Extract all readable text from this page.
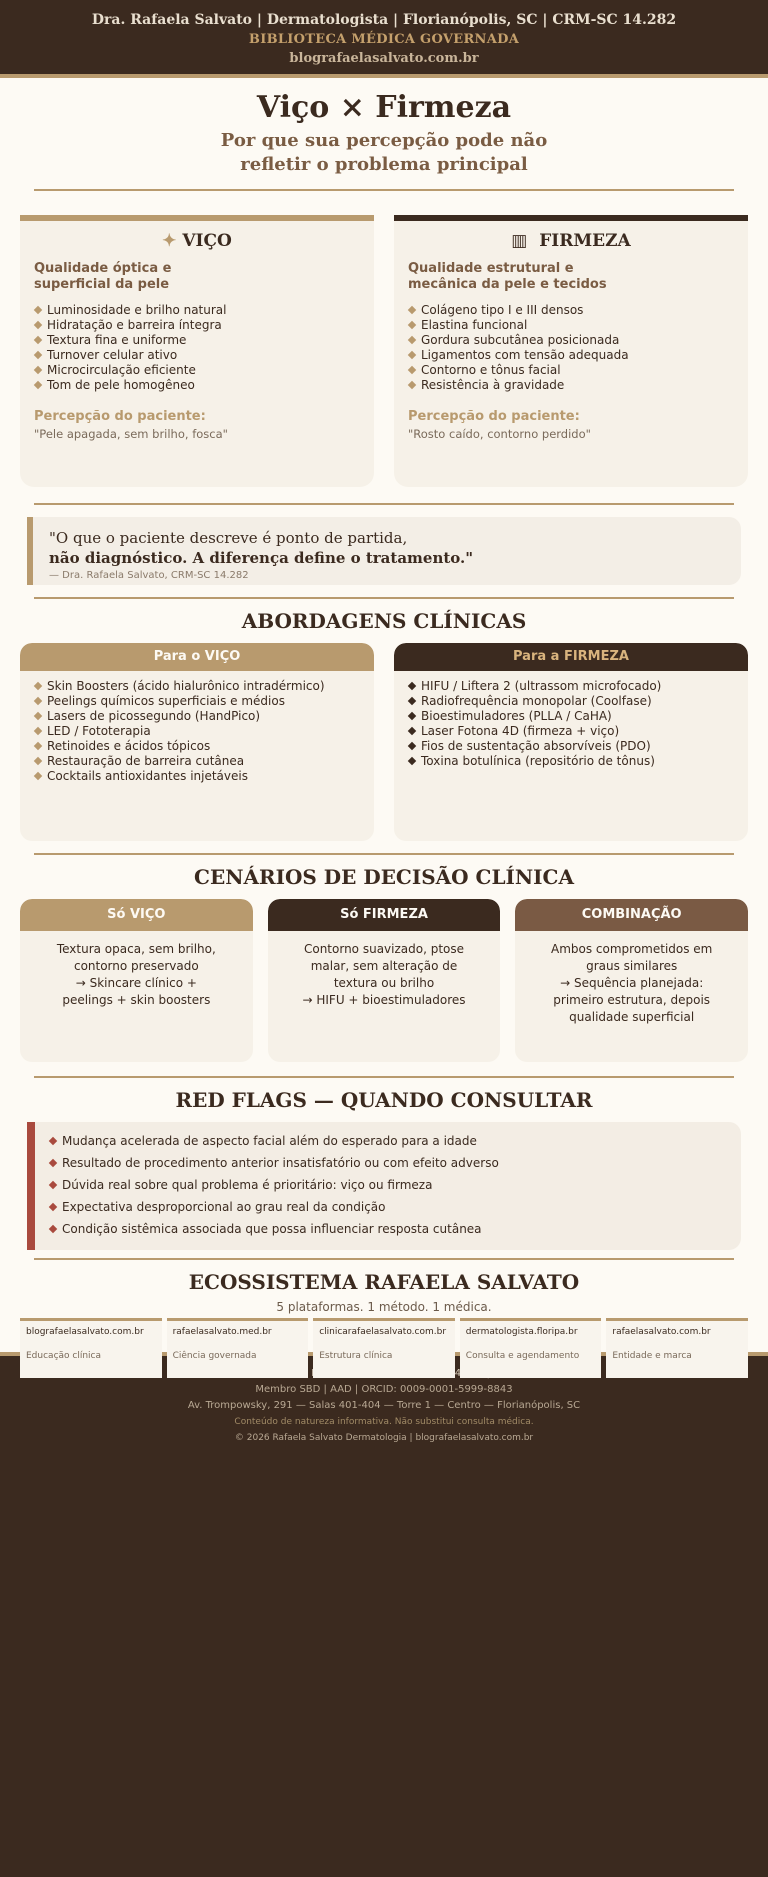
Dra. Rafaela Salvato | Dermatologista | Florianópolis, SC | CRM-SC 14.282
BIBLIOTECA MÉDICA GOVERNADA
blografaelasalvato.com.br
Viço × Firmeza
Por que sua percepção pode não
refletir o problema principal
✦ VIÇO
Qualidade óptica e superficial da pele
Luminosidade e brilho natural
Hidratação e barreira íntegra
Textura fina e uniforme
Turnover celular ativo
Microcirculação eficiente
Tom de pele homogêneo
Percepção do paciente:
"Pele apagada, sem brilho, fosca"
▥ FIRMEZA
Qualidade estrutural e mecânica da pele e tecidos
Colágeno tipo I e III densos
Elastina funcional
Gordura subcutânea posicionada
Ligamentos com tensão adequada
Contorno e tônus facial
Resistência à gravidade
Percepção do paciente:
"Rosto caído, contorno perdido"
"O que o paciente descreve é ponto de partida,
não diagnóstico. A diferença define o tratamento."
— Dra. Rafaela Salvato, CRM-SC 14.282
ABORDAGENS CLÍNICAS
Para o VIÇO
Skin Boosters (ácido hialurônico intradérmico)
Peelings químicos superficiais e médios
Lasers de picossegundo (HandPico)
LED / Fototerapia
Retinoides e ácidos tópicos
Restauração de barreira cutânea
Cocktails antioxidantes injetáveis
Para a FIRMEZA
HIFU / Liftera 2 (ultrassom microfocado)
Radiofrequência monopolar (Coolfase)
Bioestimuladores (PLLA / CaHA)
Laser Fotona 4D (firmeza + viço)
Fios de sustentação absorvíveis (PDO)
Toxina botulínica (repositório de tônus)
CENÁRIOS DE DECISÃO CLÍNICA
Só VIÇO
Textura opaca, sem brilho,
contorno preservado
→ Skincare clínico +
peelings + skin boosters
Só FIRMEZA
Contorno suavizado, ptose
malar, sem alteração de
textura ou brilho
→ HIFU + bioestimuladores
COMBINAÇÃO
Ambos comprometidos em
graus similares
→ Sequência planejada:
primeiro estrutura, depois
qualidade superficial
RED FLAGS — QUANDO CONSULTAR
Mudança acelerada de aspecto facial além do esperado para a idade
Resultado de procedimento anterior insatisfatório ou com efeito adverso
Dúvida real sobre qual problema é prioritário: viço ou firmeza
Expectativa desproporcional ao grau real da condição
Condição sistêmica associada que possa influenciar resposta cutânea
ECOSSISTEMA RAFAELA SALVATO
5 plataformas. 1 método. 1 médica.
blografaelasalvato.com.br
Educação clínica
rafaelasalvato.med.br
Ciência governada
clinicarafaelasalvato.com.br
Estrutura clínica
dermatologista.floripa.br
Consulta e agendamento
rafaelasalvato.com.br
Entidade e marca
Membro SBD | AAD | ORCID: 0009-0001-5999-8843
Av. Trompowsky, 291 — Salas 401-404 — Torre 1 — Centro — Florianópolis, SC
Conteúdo de natureza informativa. Não substitui consulta médica.
© 2026 Rafaela Salvato Dermatologia | blografaelasalvato.com.br
